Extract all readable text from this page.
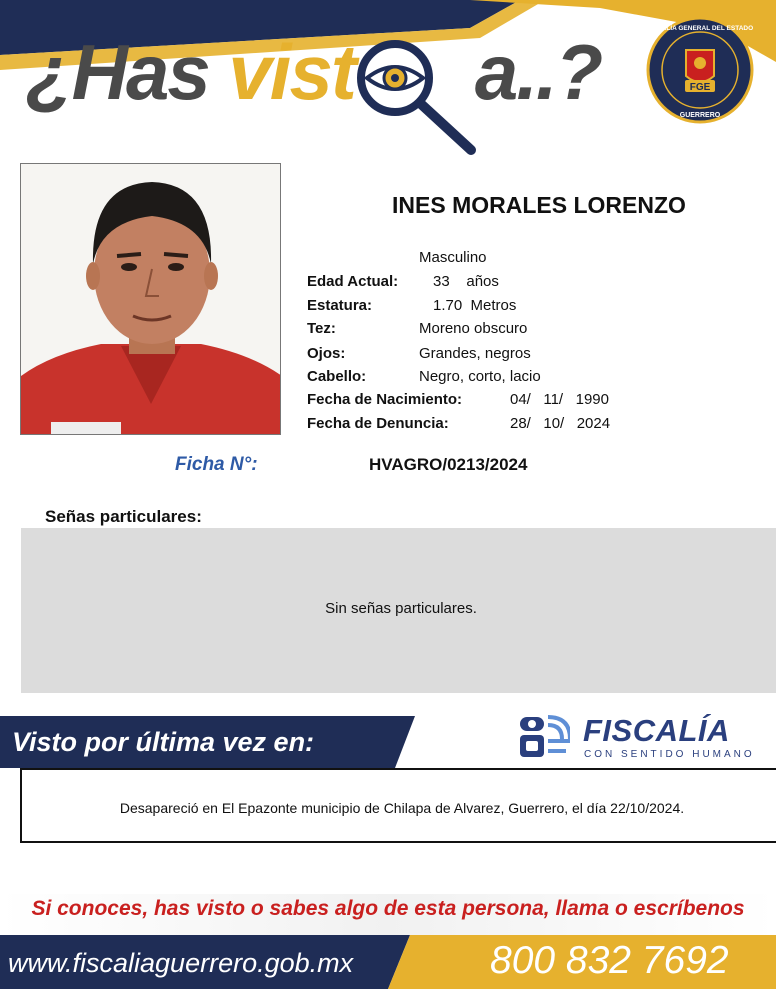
¿Has vist a..?	FGE
FISCALÍA GENERAL DEL ESTADO
GUERRERO
INES MORALES LORENZO
Masculino
Edad Actual: 33    años
Estatura:	1.70  Metros
Tez:	Moreno obscuro
Ojos:	Grandes, negros
Cabello:	Negro, corto, lacio
Fecha de Nacimiento:	04/   11/   1990
Fecha de Denuncia:	28/   10/   2024
Ficha N°:	HVAGRO/0213/2024
Señas particulares:
Sin señas particulares.
Visto por última vez en:	FISCALÍA
CON SENTIDO HUMANO
Desapareció en El Epazonte municipio de Chilapa de Alvarez, Guerrero, el día 22/10/2024.
Si conoces, has visto o sabes algo de esta persona, llama o escríbenos
www.fiscaliaguerrero.gob.mx	800 832 7692
